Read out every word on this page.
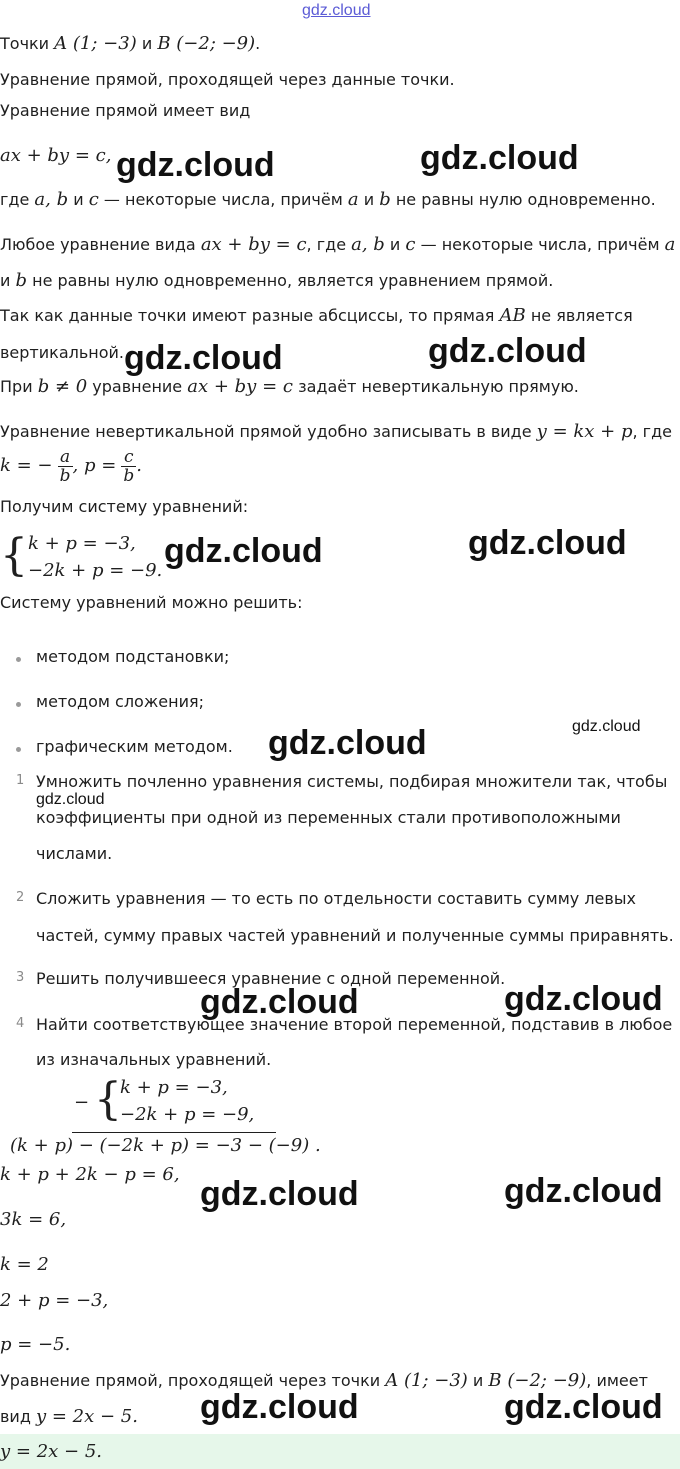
gdz.cloud
Точки A (1; −3) и B (−2; −9).
Уравнение прямой, проходящей через данные точки.
Уравнение прямой имеет вид
ax + by = c,
где a, b и c — некоторые числа, причём a и b не равны нулю одновременно.
Любое уравнение вида ax + by = c, где a, b и c — некоторые числа, причём a
и b не равны нулю одновременно, является уравнением прямой.
Так как данные точки имеют разные абсциссы, то прямая AB не является
вертикальной.
При b ≠ 0 уравнение ax + by = c задаёт невертикальную прямую.
Уравнение невертикальной прямой удобно записывать в виде y = kx + p, где
k = − $\frac{a}{b}$ , $p = \frac{c}{b}$ .
Получим систему уравнений:
{ k + p = −3,
−2k + p = −9.
Систему уравнений можно решить:
методом подстановки;
методом сложения;
графическим методом.
1 Умножить почленно уравнения системы, подбирая множители так, чтобы
коэффициенты при одной из переменных стали противоположными
числами.
2 Сложить уравнения — то есть по отдельности составить сумму левых
частей, сумму правых частей уравнений и полученные суммы приравнять.
3 Решить получившееся уравнение с одной переменной.
4 Найти соответствующее значение второй переменной, подставив в любое
из изначальных уравнений.
− {
k + p = −3,
−2k + p = −9,
(k + p) − (−2k + p) = −3 − (−9) .
k + p + 2k − p = 6,
3k = 6,
k = 2
2 + p = −3,
p = −5.
Уравнение прямой, проходящей через точки A (1; −3) и B (−2; −9), имеет
вид y = 2x − 5.
y = 2x − 5.
gdz.cloud	gdz.cloud
gdz.cloud	gdz.cloud
gdz.cloud	gdz.cloud
gdz.cloud	gdz.cloud
gdz.cloud
gdz.cloud	gdz.cloud
gdz.cloud	gdz.cloud
gdz.cloud	gdz.cloud
